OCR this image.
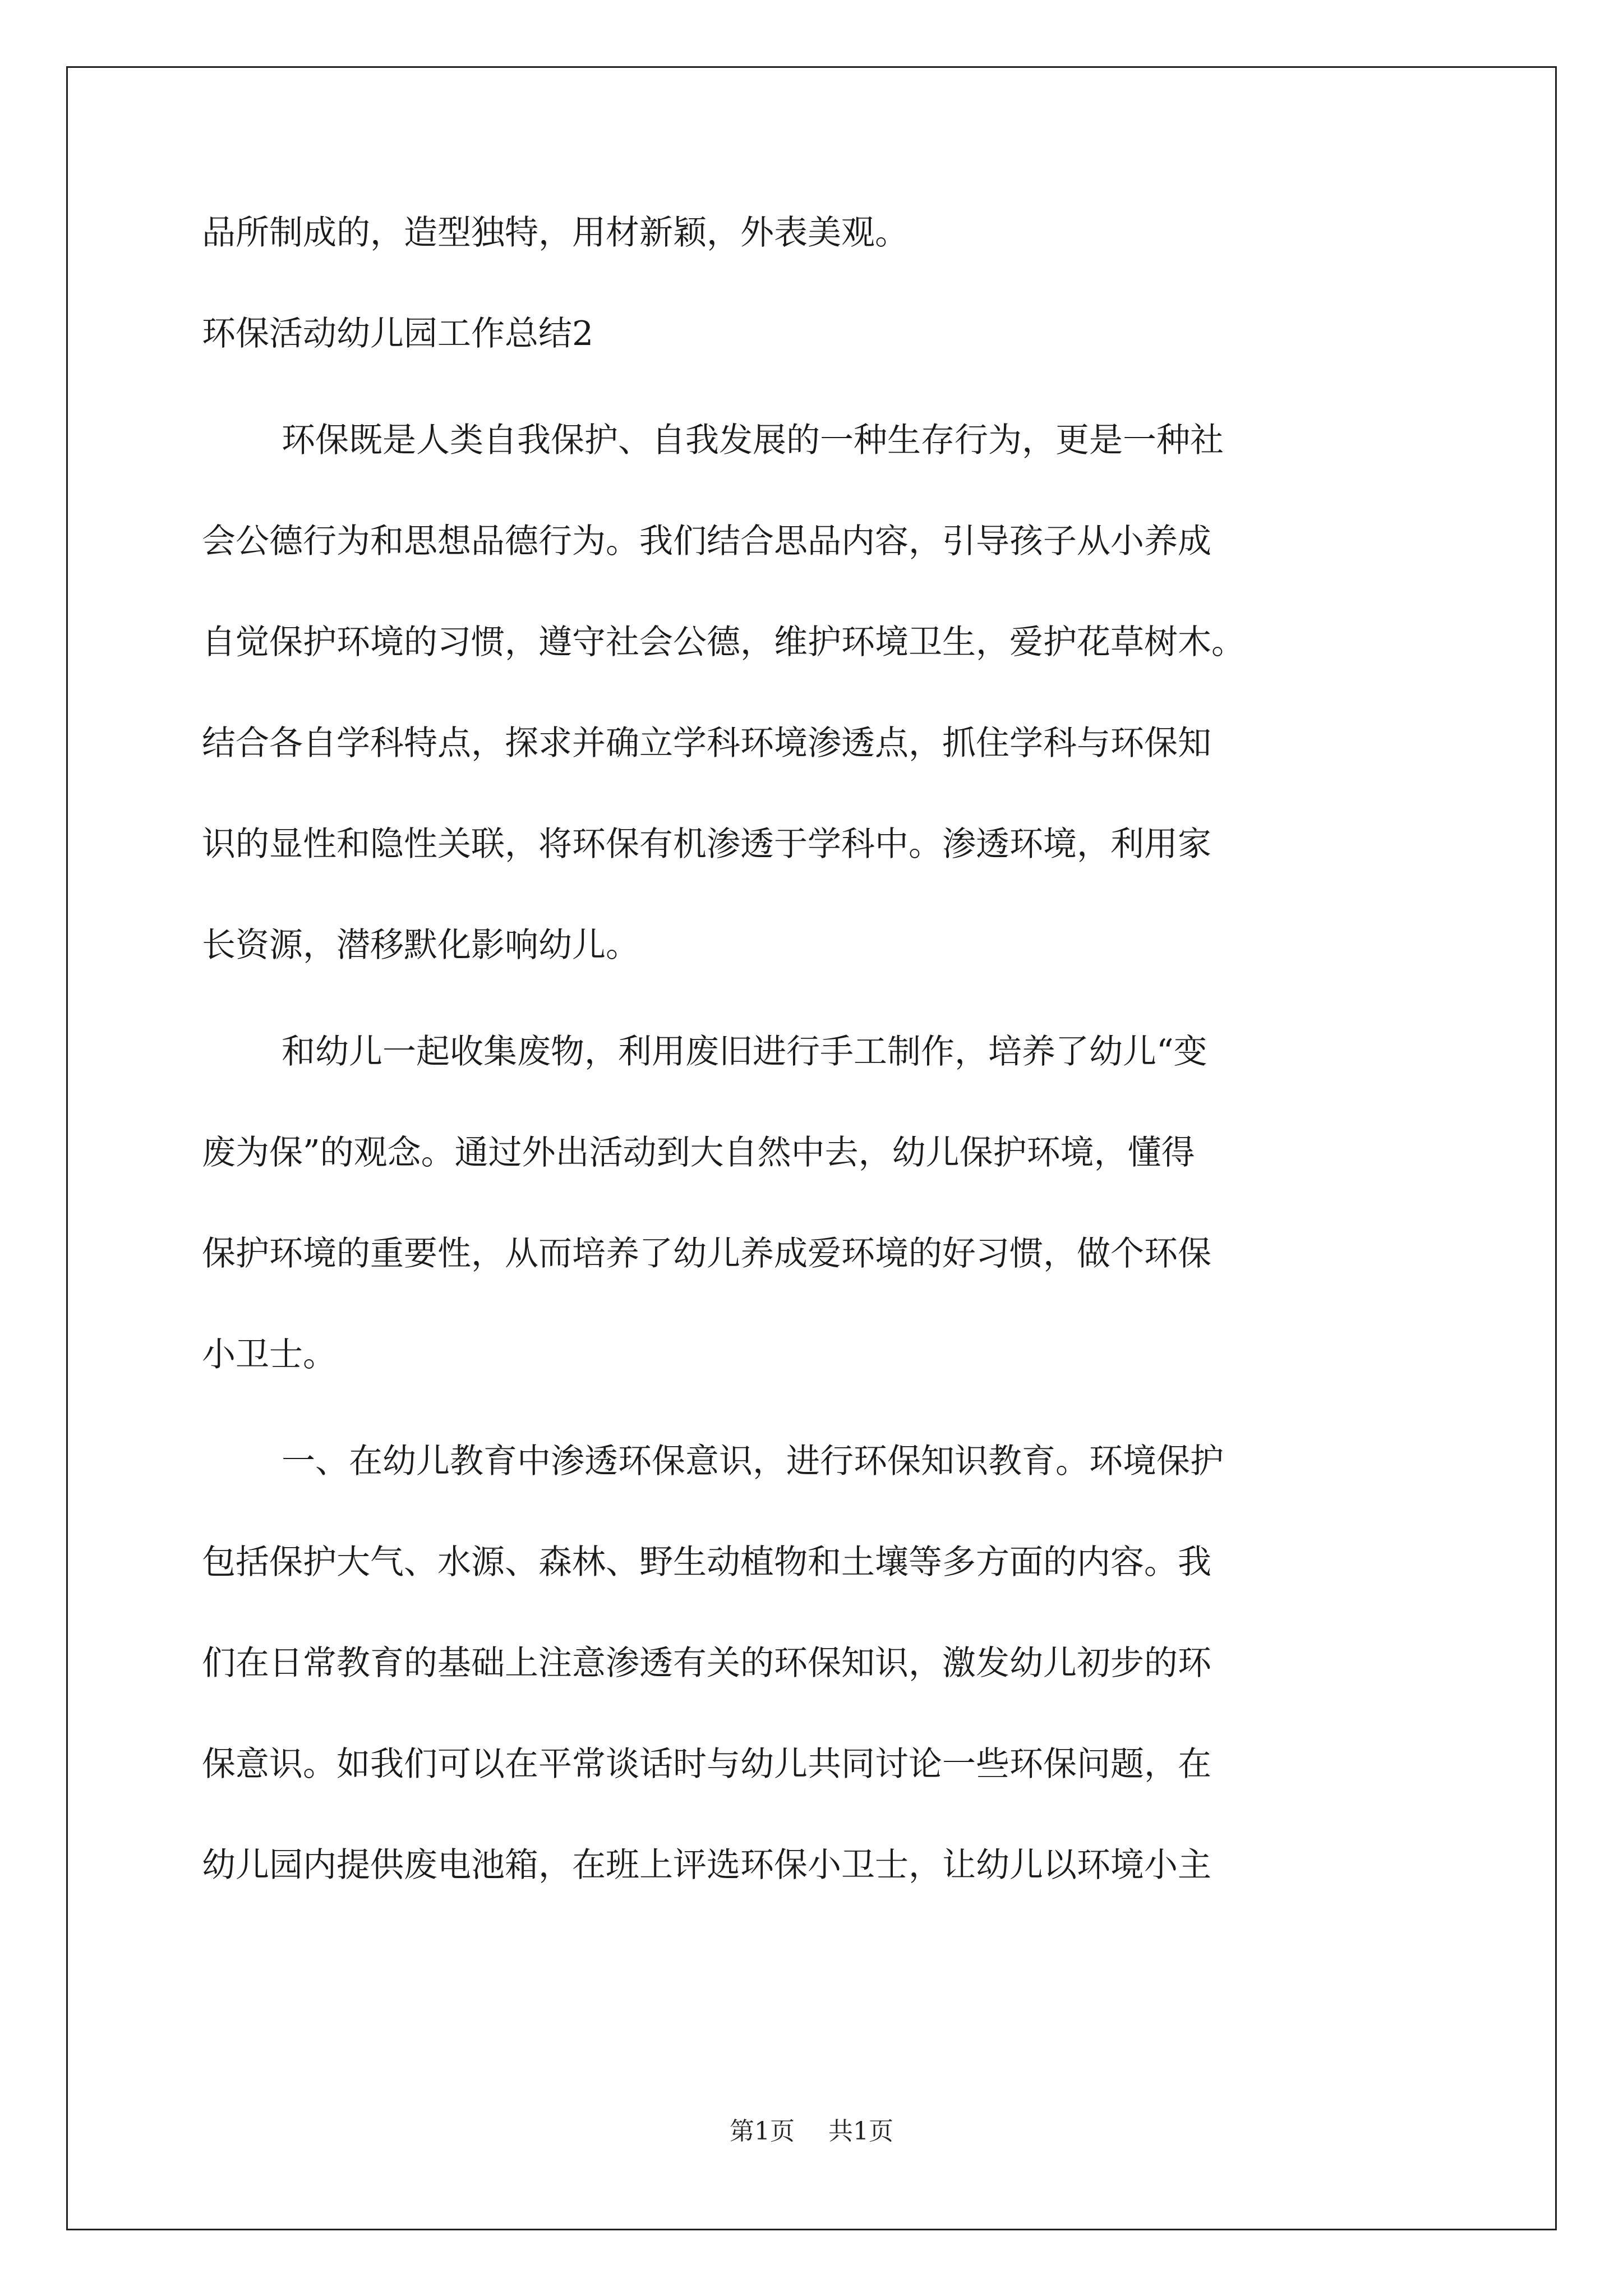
品所制成的，造型独特，用材新颖，外表美观。
环保活动幼儿园工作总结2
环保既是人类自我保护、自我发展的一种生存行为，更是一种社
会公德行为和思想品德行为。我们结合思品内容，引导孩子从小养成
自觉保护环境的习惯，遵守社会公德，维护环境卫生，爱护花草树木。
结合各自学科特点，探求并确立学科环境渗透点，抓住学科与环保知
识的显性和隐性关联，将环保有机渗透于学科中。渗透环境，利用家
长资源，潜移默化影响幼儿。
和幼儿一起收集废物，利用废旧进行手工制作，培养了幼儿“变
废为保”的观念。通过外出活动到大自然中去，幼儿保护环境，懂得
保护环境的重要性，从而培养了幼儿养成爱环境的好习惯，做个环保
小卫士。
一、在幼儿教育中渗透环保意识，进行环保知识教育。环境保护
包括保护大气、水源、森林、野生动植物和土壤等多方面的内容。我
们在日常教育的基础上注意渗透有关的环保知识，激发幼儿初步的环
保意识。如我们可以在平常谈话时与幼儿共同讨论一些环保问题，在
幼儿园内提供废电池箱，在班上评选环保小卫士，让幼儿以环境小主
第1页 共1页
